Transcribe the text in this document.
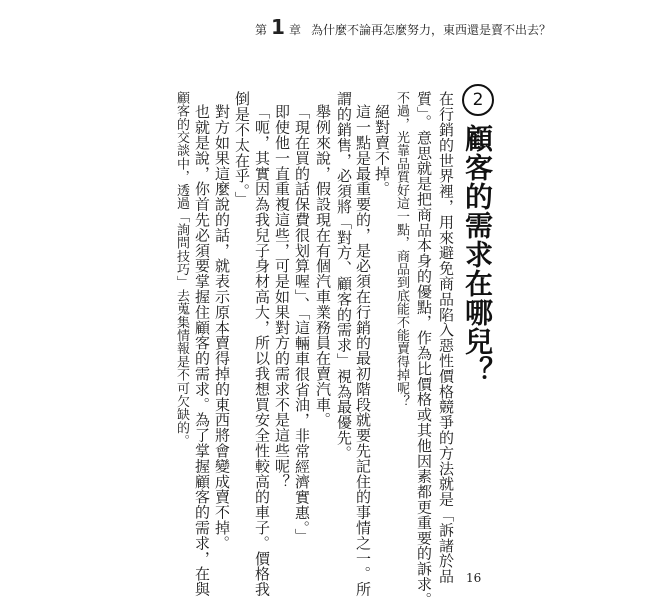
第 1 章 為什麼不論再怎麼努力，東西還是賣不出去？
2
顧客的需求在哪兒？
在行銷的世界裡，用來避免商品陷入惡性價格競爭的方法就是「訴諸於品
質」。意思就是把商品本身的優點，作為比價格或其他因素都更重要的訴求。
不過，光靠品質好這一點，商品到底能不能賣得掉呢？
絕對賣不掉。
這一點是最重要的，是必須在行銷的最初階段就要先記住的事情之一。所
謂的銷售，必須將「對方、顧客的需求」視為最優先。
舉例來說，假設現在有個汽車業務員在賣汽車。
「現在買的話保費很划算喔」、「這輛車很省油，非常經濟實惠。」
即使他一直重複這些，可是如果對方的需求不是這些呢？
「呃，其實因為我兒子身材高大，所以我想買安全性較高的車子。價格我
倒是不太在乎。」
對方如果這麼說的話，就表示原本賣得掉的東西將會變成賣不掉。
也就是說，你首先必須要掌握住顧客的需求。為了掌握顧客的需求，在與
顧客的交談中，透過「詢問技巧」去蒐集情報是不可欠缺的。
16
